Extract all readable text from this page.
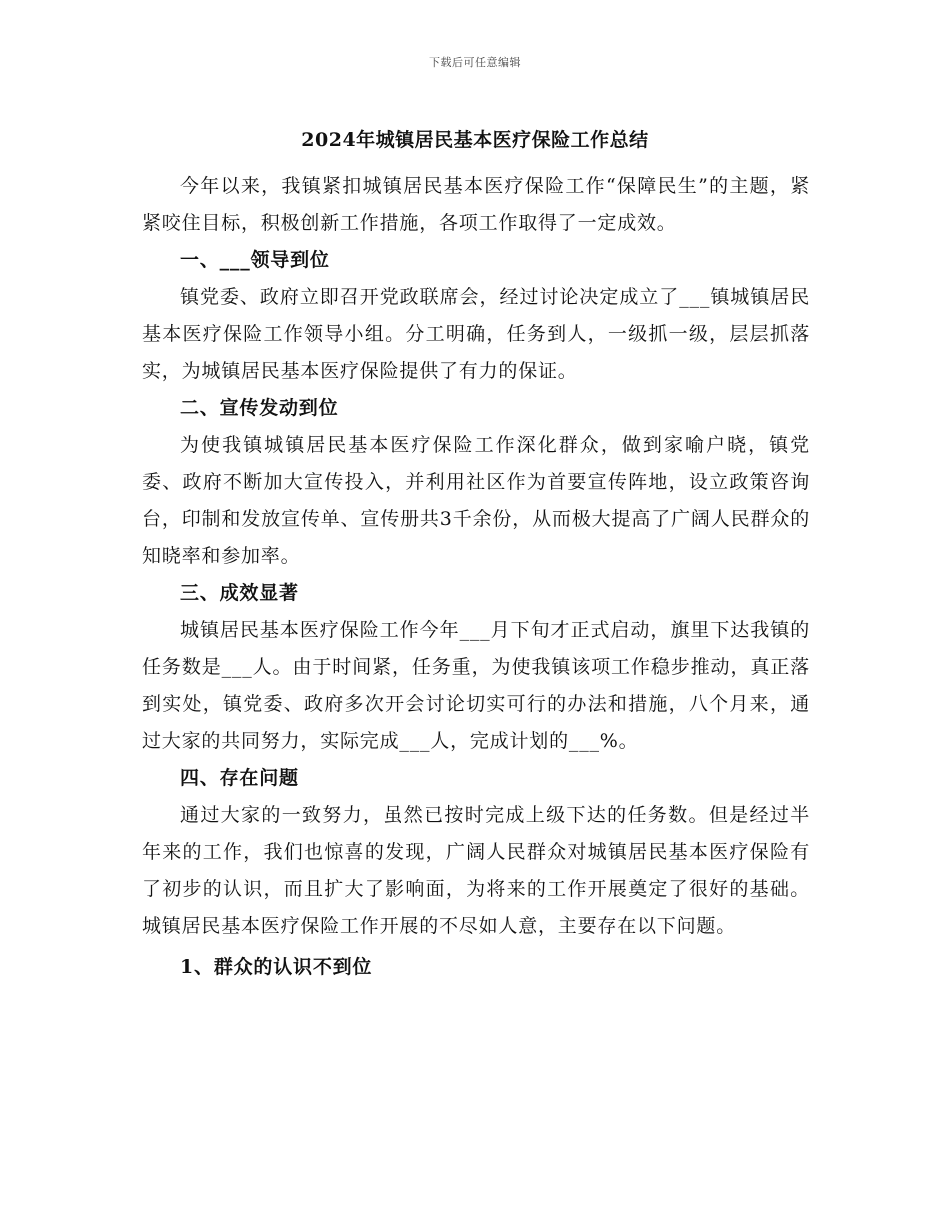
下载后可任意编辑
2024年城镇居民基本医疗保险工作总结

今年以来，我镇紧扣城镇居民基本医疗保险工作“保障民生”的主题，紧紧咬住目标，积极创新工作措施，各项工作取得了一定成效。

一、___领导到位

镇党委、政府立即召开党政联席会，经过讨论决定成立了___镇城镇居民基本医疗保险工作领导小组。分工明确，任务到人，一级抓一级，层层抓落实，为城镇居民基本医疗保险提供了有力的保证。

二、宣传发动到位

为使我镇城镇居民基本医疗保险工作深化群众，做到家喻户晓，镇党委、政府不断加大宣传投入，并利用社区作为首要宣传阵地，设立政策咨询台，印制和发放宣传单、宣传册共3千余份，从而极大提高了广阔人民群众的知晓率和参加率。

三、成效显著

城镇居民基本医疗保险工作今年___月下旬才正式启动，旗里下达我镇的任务数是___人。由于时间紧，任务重，为使我镇该项工作稳步推动，真正落到实处，镇党委、政府多次开会讨论切实可行的办法和措施，八个月来，通过大家的共同努力，实际完成___人，完成计划的___%。

四、存在问题

通过大家的一致努力，虽然已按时完成上级下达的任务数。但是经过半年来的工作，我们也惊喜的发现，广阔人民群众对城镇居民基本医疗保险有了初步的认识，而且扩大了影响面，为将来的工作开展奠定了很好的基础。城镇居民基本医疗保险工作开展的不尽如人意，主要存在以下问题。

1、群众的认识不到位
